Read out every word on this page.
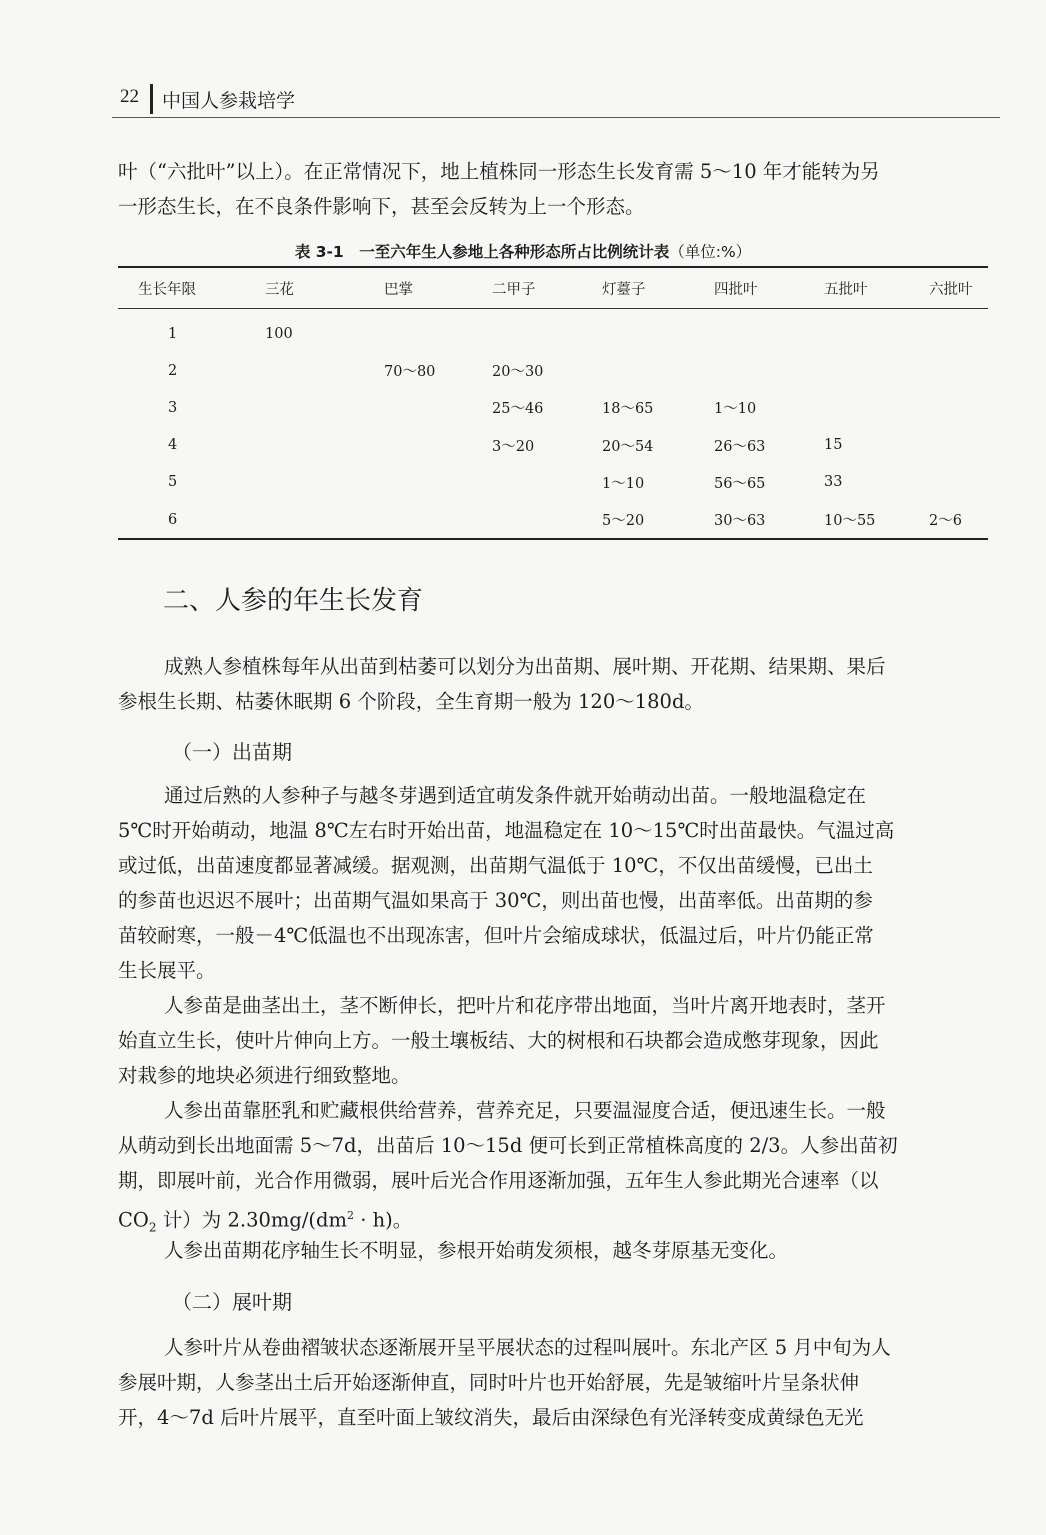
22 中国人参栽培学

叶（“六批叶”以上）。在正常情况下，地上植株同一形态生长发育需 5～10 年才能转为另
一形态生长，在不良条件影响下，甚至会反转为上一个形态。

表 3-1　一至六年生人参地上各种形态所占比例统计表（单位:%）
生长年限	三花	巴掌	二甲子	灯薹子	四批叶	五批叶	六批叶

1	100						
2		70～80	20～30				
3			25～46	18～65	1～10		
4			3～20	20～54	26～63	15	
5				1～10	56～65	33	
6				5～20	30～63	10～55	2～6
二、人参的年生长发育

成熟人参植株每年从出苗到枯萎可以划分为出苗期、展叶期、开花期、结果期、果后
参根生长期、枯萎休眠期 6 个阶段，全生育期一般为 120～180d。

（一）出苗期

通过后熟的人参种子与越冬芽遇到适宜萌发条件就开始萌动出苗。一般地温稳定在
5℃时开始萌动，地温 8℃左右时开始出苗，地温稳定在 10～15℃时出苗最快。气温过高
或过低，出苗速度都显著减缓。据观测，出苗期气温低于 10℃，不仅出苗缓慢，已出土
的参苗也迟迟不展叶；出苗期气温如果高于 30℃，则出苗也慢，出苗率低。出苗期的参
苗较耐寒，一般－4℃低温也不出现冻害，但叶片会缩成球状，低温过后，叶片仍能正常
生长展平。

人参苗是曲茎出土，茎不断伸长，把叶片和花序带出地面，当叶片离开地表时，茎开
始直立生长，使叶片伸向上方。一般土壤板结、大的树根和石块都会造成憋芽现象，因此
对栽参的地块必须进行细致整地。

人参出苗靠胚乳和贮藏根供给营养，营养充足，只要温湿度合适，便迅速生长。一般
从萌动到长出地面需 5～7d，出苗后 10～15d 便可长到正常植株高度的 2/3。人参出苗初
期，即展叶前，光合作用微弱，展叶后光合作用逐渐加强，五年生人参此期光合速率（以
$CO_2$ 计）为 $2.30mg/(dm^2 \cdot h)$。

人参出苗期花序轴生长不明显，参根开始萌发须根，越冬芽原基无变化。

（二）展叶期

人参叶片从卷曲褶皱状态逐渐展开呈平展状态的过程叫展叶。东北产区 5 月中旬为人
参展叶期，人参茎出土后开始逐渐伸直，同时叶片也开始舒展，先是皱缩叶片呈条状伸
开，4～7d 后叶片展平，直至叶面上皱纹消失，最后由深绿色有光泽转变成黄绿色无光
